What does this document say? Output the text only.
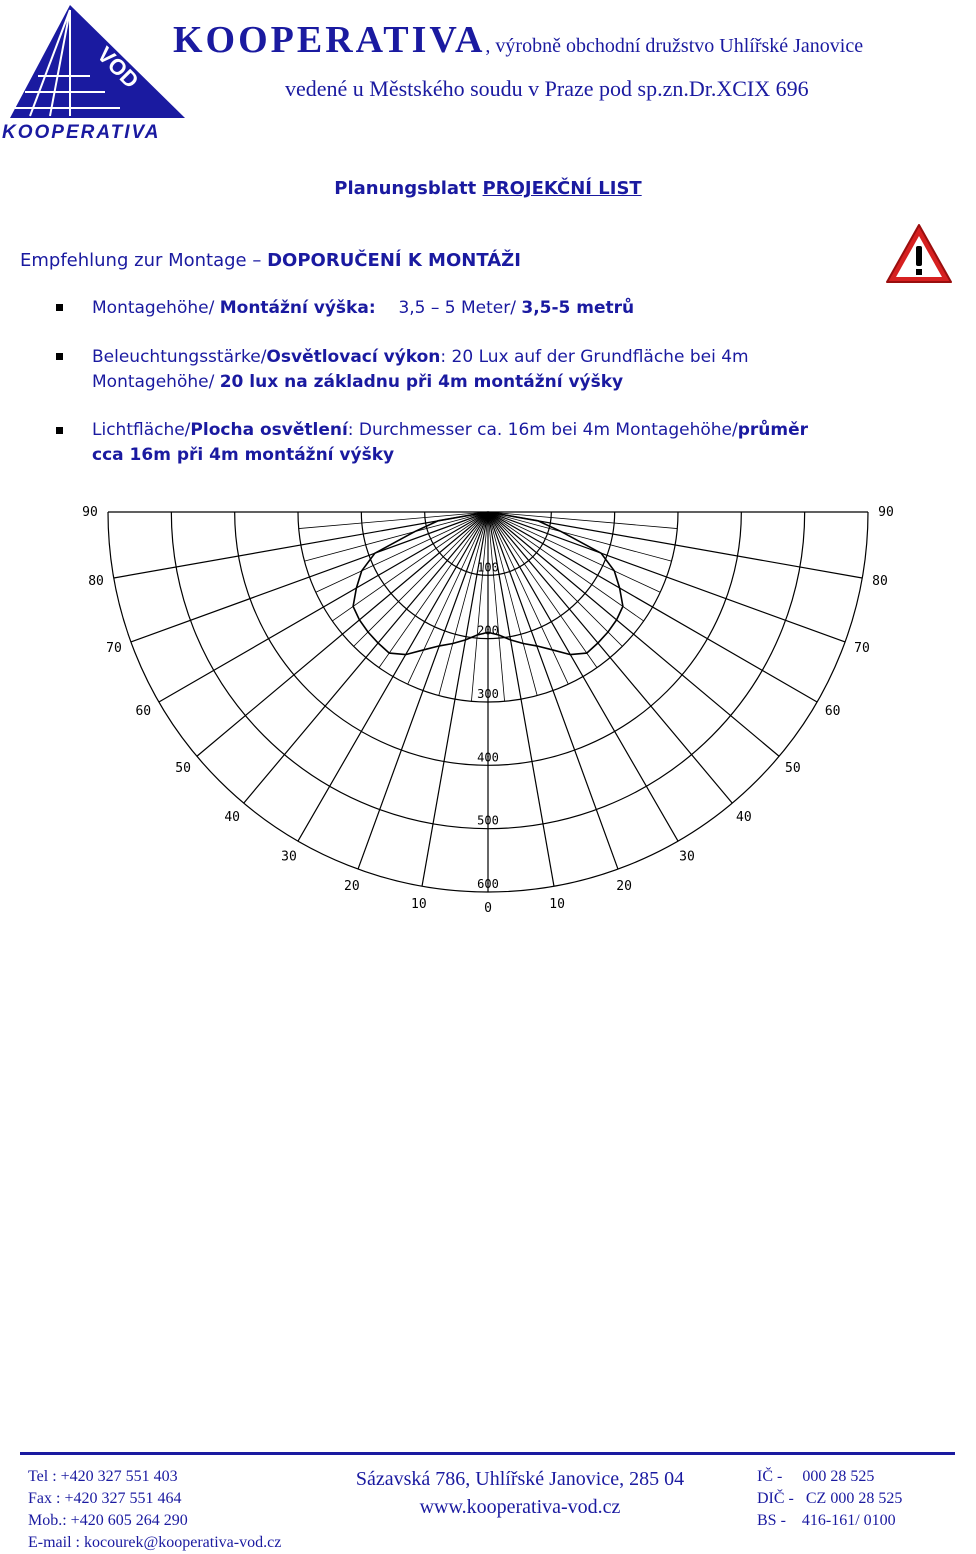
VOD
KOOPERATIVA
KOOPERATIVA, výrobně obchodní družstvo Uhlířské Janovice
vedené u Městského soudu v Praze pod sp.zn.Dr.XCIX 696
Planungsblatt PROJEKČNÍ LIST
Empfehlung zur Montage – DOPORUČENÍ K MONTÁŽI
Montagehöhe/ Montážní výška: 3,5 – 5 Meter/ 3,5-5 metrů
Beleuchtungsstärke/Osvětlovací výkon: 20 Lux auf der Grundfläche bei 4m
Montagehöhe/ 20 lux na základnu při 4m montážní výšky
Lichtfläche/Plocha osvětlení: Durchmesser ca. 16m bei 4m Montagehöhe/průměr
cca 16m při 4m montážní výšky
100
200
300
400
500
600
90	90
80	80
70	70
60	60
50	50
40	40
30	30
20	20
10	10
0
Tel : +420 327 551 403
Fax : +420 327 551 464
Mob.: +420 605 264 290
E-mail : kocourek@kooperativa-vod.cz
Sázavská 786, Uhlířské Janovice, 285 04
www.kooperativa-vod.cz
IČ -     000 28 525
DIČ -   CZ 000 28 525
BS -    416-161/ 0100
